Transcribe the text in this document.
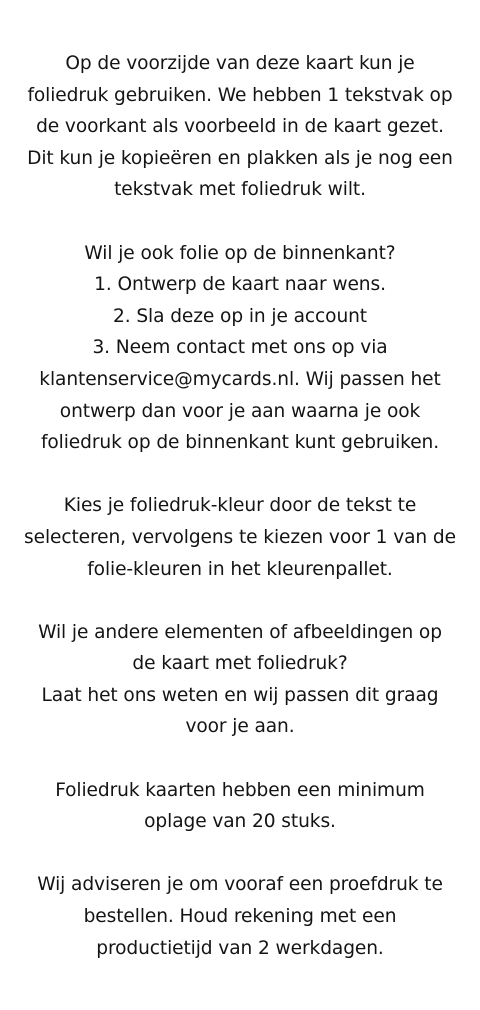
Op de voorzijde van deze kaart kun je
foliedruk gebruiken. We hebben 1 tekstvak op
de voorkant als voorbeeld in de kaart gezet.
Dit kun je kopieëren en plakken als je nog een
tekstvak met foliedruk wilt.

Wil je ook folie op de binnenkant?
1. Ontwerp de kaart naar wens.
2. Sla deze op in je account
3. Neem contact met ons op via
klantenservice@mycards.nl. Wij passen het
ontwerp dan voor je aan waarna je ook
foliedruk op de binnenkant kunt gebruiken.

Kies je foliedruk-kleur door de tekst te
selecteren, vervolgens te kiezen voor 1 van de
folie-kleuren in het kleurenpallet.

Wil je andere elementen of afbeeldingen op
de kaart met foliedruk?
Laat het ons weten en wij passen dit graag
voor je aan.

Foliedruk kaarten hebben een minimum
oplage van 20 stuks.

Wij adviseren je om vooraf een proefdruk te
bestellen. Houd rekening met een
productietijd van 2 werkdagen.
